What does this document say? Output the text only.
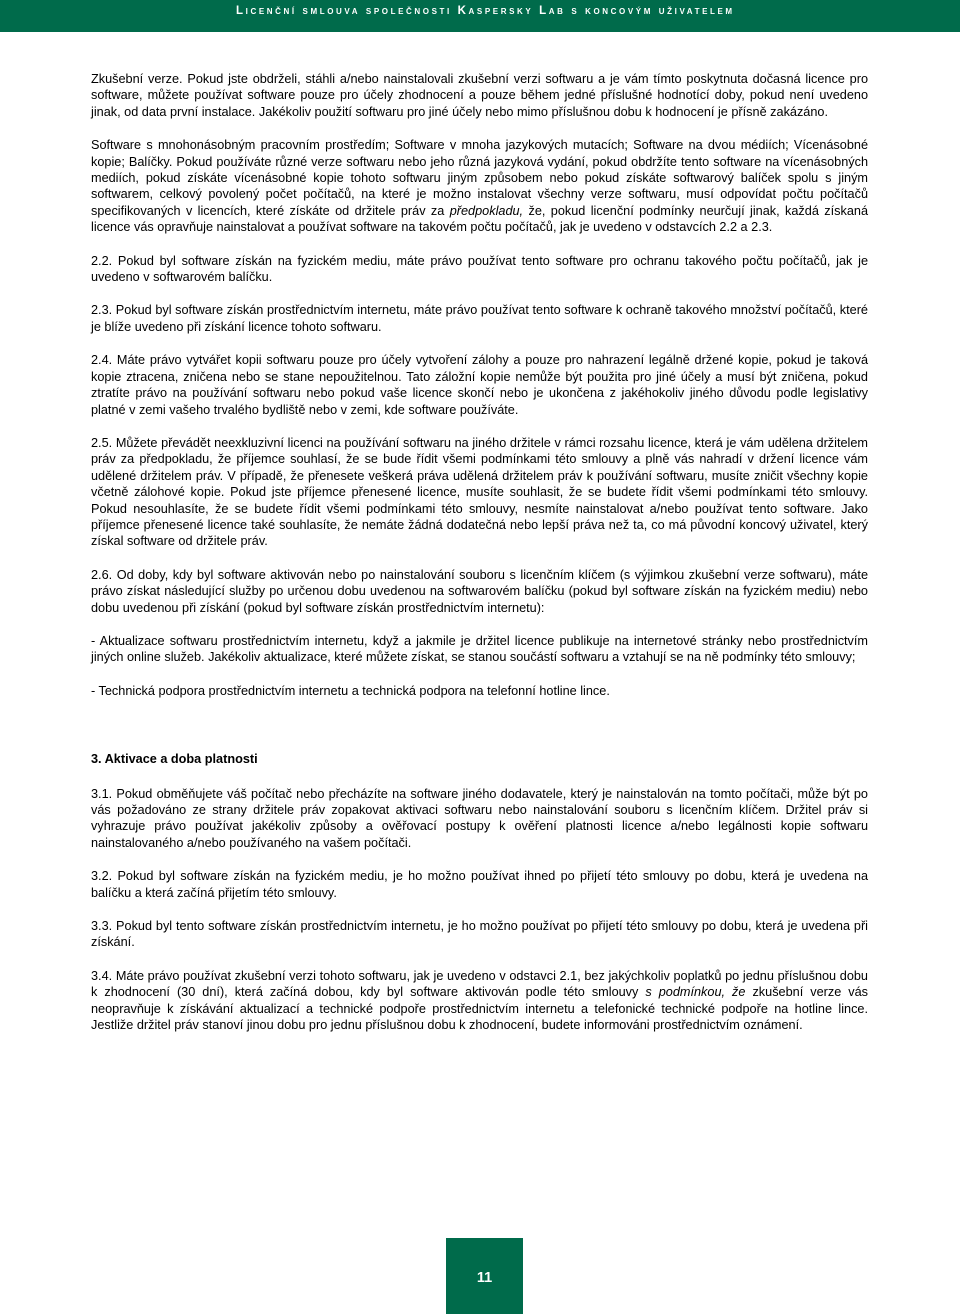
Licenční smlouva společnosti Kaspersky Lab s koncovým uživatelem

Zkušební verze. Pokud jste obdrželi, stáhli a/nebo nainstalovali zkušební verzi softwaru a je vám tímto poskytnuta dočasná licence pro software, můžete používat software pouze pro účely zhodnocení a pouze během jedné příslušné hodnotící doby, pokud není uvedeno jinak, od data první instalace. Jakékoliv použití softwaru pro jiné účely nebo mimo příslušnou dobu k hodnocení je přísně zakázáno.

Software s mnohonásobným pracovním prostředím; Software v mnoha jazykových mutacích; Software na dvou médiích; Vícenásobné kopie; Balíčky. Pokud používáte různé verze softwaru nebo jeho různá jazyková vydání, pokud obdržíte tento software na vícenásobných mediích, pokud získáte vícenásobné kopie tohoto softwaru jiným způsobem nebo pokud získáte softwarový balíček spolu s jiným softwarem, celkový povolený počet počítačů, na které je možno instalovat všechny verze softwaru, musí odpovídat počtu počítačů specifikovaných v licencích, které získáte od držitele práv za předpokladu, že, pokud licenční podmínky neurčují jinak, každá získaná licence vás opravňuje nainstalovat a používat software na takovém počtu počítačů, jak je uvedeno v odstavcích 2.2 a 2.3.

2.2. Pokud byl software získán na fyzickém mediu, máte právo používat tento software pro ochranu takového počtu počítačů, jak je uvedeno v softwarovém balíčku.

2.3. Pokud byl software získán prostřednictvím internetu, máte právo používat tento software k ochraně takového množství počítačů, které je blíže uvedeno při získání licence tohoto softwaru.

2.4. Máte právo vytvářet kopii softwaru pouze pro účely vytvoření zálohy a pouze pro nahrazení legálně držené kopie, pokud je taková kopie ztracena, zničena nebo se stane nepoužitelnou. Tato záložní kopie nemůže být použita pro jiné účely a musí být zničena, pokud ztratíte právo na používání softwaru nebo pokud vaše licence skončí nebo je ukončena z jakéhokoliv jiného důvodu podle legislativy platné v zemi vašeho trvalého bydliště nebo v zemi, kde software používáte.

2.5. Můžete převádět neexkluzivní licenci na používání softwaru na jiného držitele v rámci rozsahu licence, která je vám udělena držitelem práv za předpokladu, že příjemce souhlasí, že se bude řídit všemi podmínkami této smlouvy a plně vás nahradí v držení licence vám udělené držitelem práv. V případě, že přenesete veškerá práva udělená držitelem práv k používání softwaru, musíte zničit všechny kopie včetně zálohové kopie. Pokud jste příjemce přenesené licence, musíte souhlasit, že se budete řídit všemi podmínkami této smlouvy. Pokud nesouhlasíte, že se budete řídit všemi podmínkami této smlouvy, nesmíte nainstalovat a/nebo používat tento software. Jako příjemce přenesené licence také souhlasíte, že nemáte žádná dodatečná nebo lepší práva než ta, co má původní koncový uživatel, který získal software od držitele práv.

2.6. Od doby, kdy byl software aktivován nebo po nainstalování souboru s licenčním klíčem (s výjimkou zkušební verze softwaru), máte právo získat následující služby po určenou dobu uvedenou na softwarovém balíčku (pokud byl software získán na fyzickém mediu) nebo dobu uvedenou při získání (pokud byl software získán prostřednictvím internetu):

- Aktualizace softwaru prostřednictvím internetu, když a jakmile je držitel licence publikuje na internetové stránky nebo prostřednictvím jiných online služeb. Jakékoliv aktualizace, které můžete získat, se stanou součástí softwaru a vztahují se na ně podmínky této smlouvy;

- Technická podpora prostřednictvím internetu a technická podpora na telefonní hotline lince.

3. Aktivace a doba platnosti

3.1. Pokud obměňujete váš počítač nebo přecházíte na software jiného dodavatele, který je nainstalován na tomto počítači, může být po vás požadováno ze strany držitele práv zopakovat aktivaci softwaru nebo nainstalování souboru s licenčním klíčem. Držitel práv si vyhrazuje právo používat jakékoliv způsoby a ověřovací postupy k ověření platnosti licence a/nebo legálnosti kopie softwaru nainstalovaného a/nebo používaného na vašem počítači.

3.2. Pokud byl software získán na fyzickém mediu, je ho možno používat ihned po přijetí této smlouvy po dobu, která je uvedena na balíčku a která začíná přijetím této smlouvy.

3.3. Pokud byl tento software získán prostřednictvím internetu, je ho možno používat po přijetí této smlouvy po dobu, která je uvedena při získání.

3.4. Máte právo používat zkušební verzi tohoto softwaru, jak je uvedeno v odstavci 2.1, bez jakýchkoliv poplatků po jednu příslušnou dobu k zhodnocení (30 dní), která začíná dobou, kdy byl software aktivován podle této smlouvy s podmínkou, že zkušební verze vás neopravňuje k získávání aktualizací a technické podpoře prostřednictvím internetu a telefonické technické podpoře na hotline lince. Jestliže držitel práv stanoví jinou dobu pro jednu příslušnou dobu k zhodnocení, budete informováni prostřednictvím oznámení.

11
